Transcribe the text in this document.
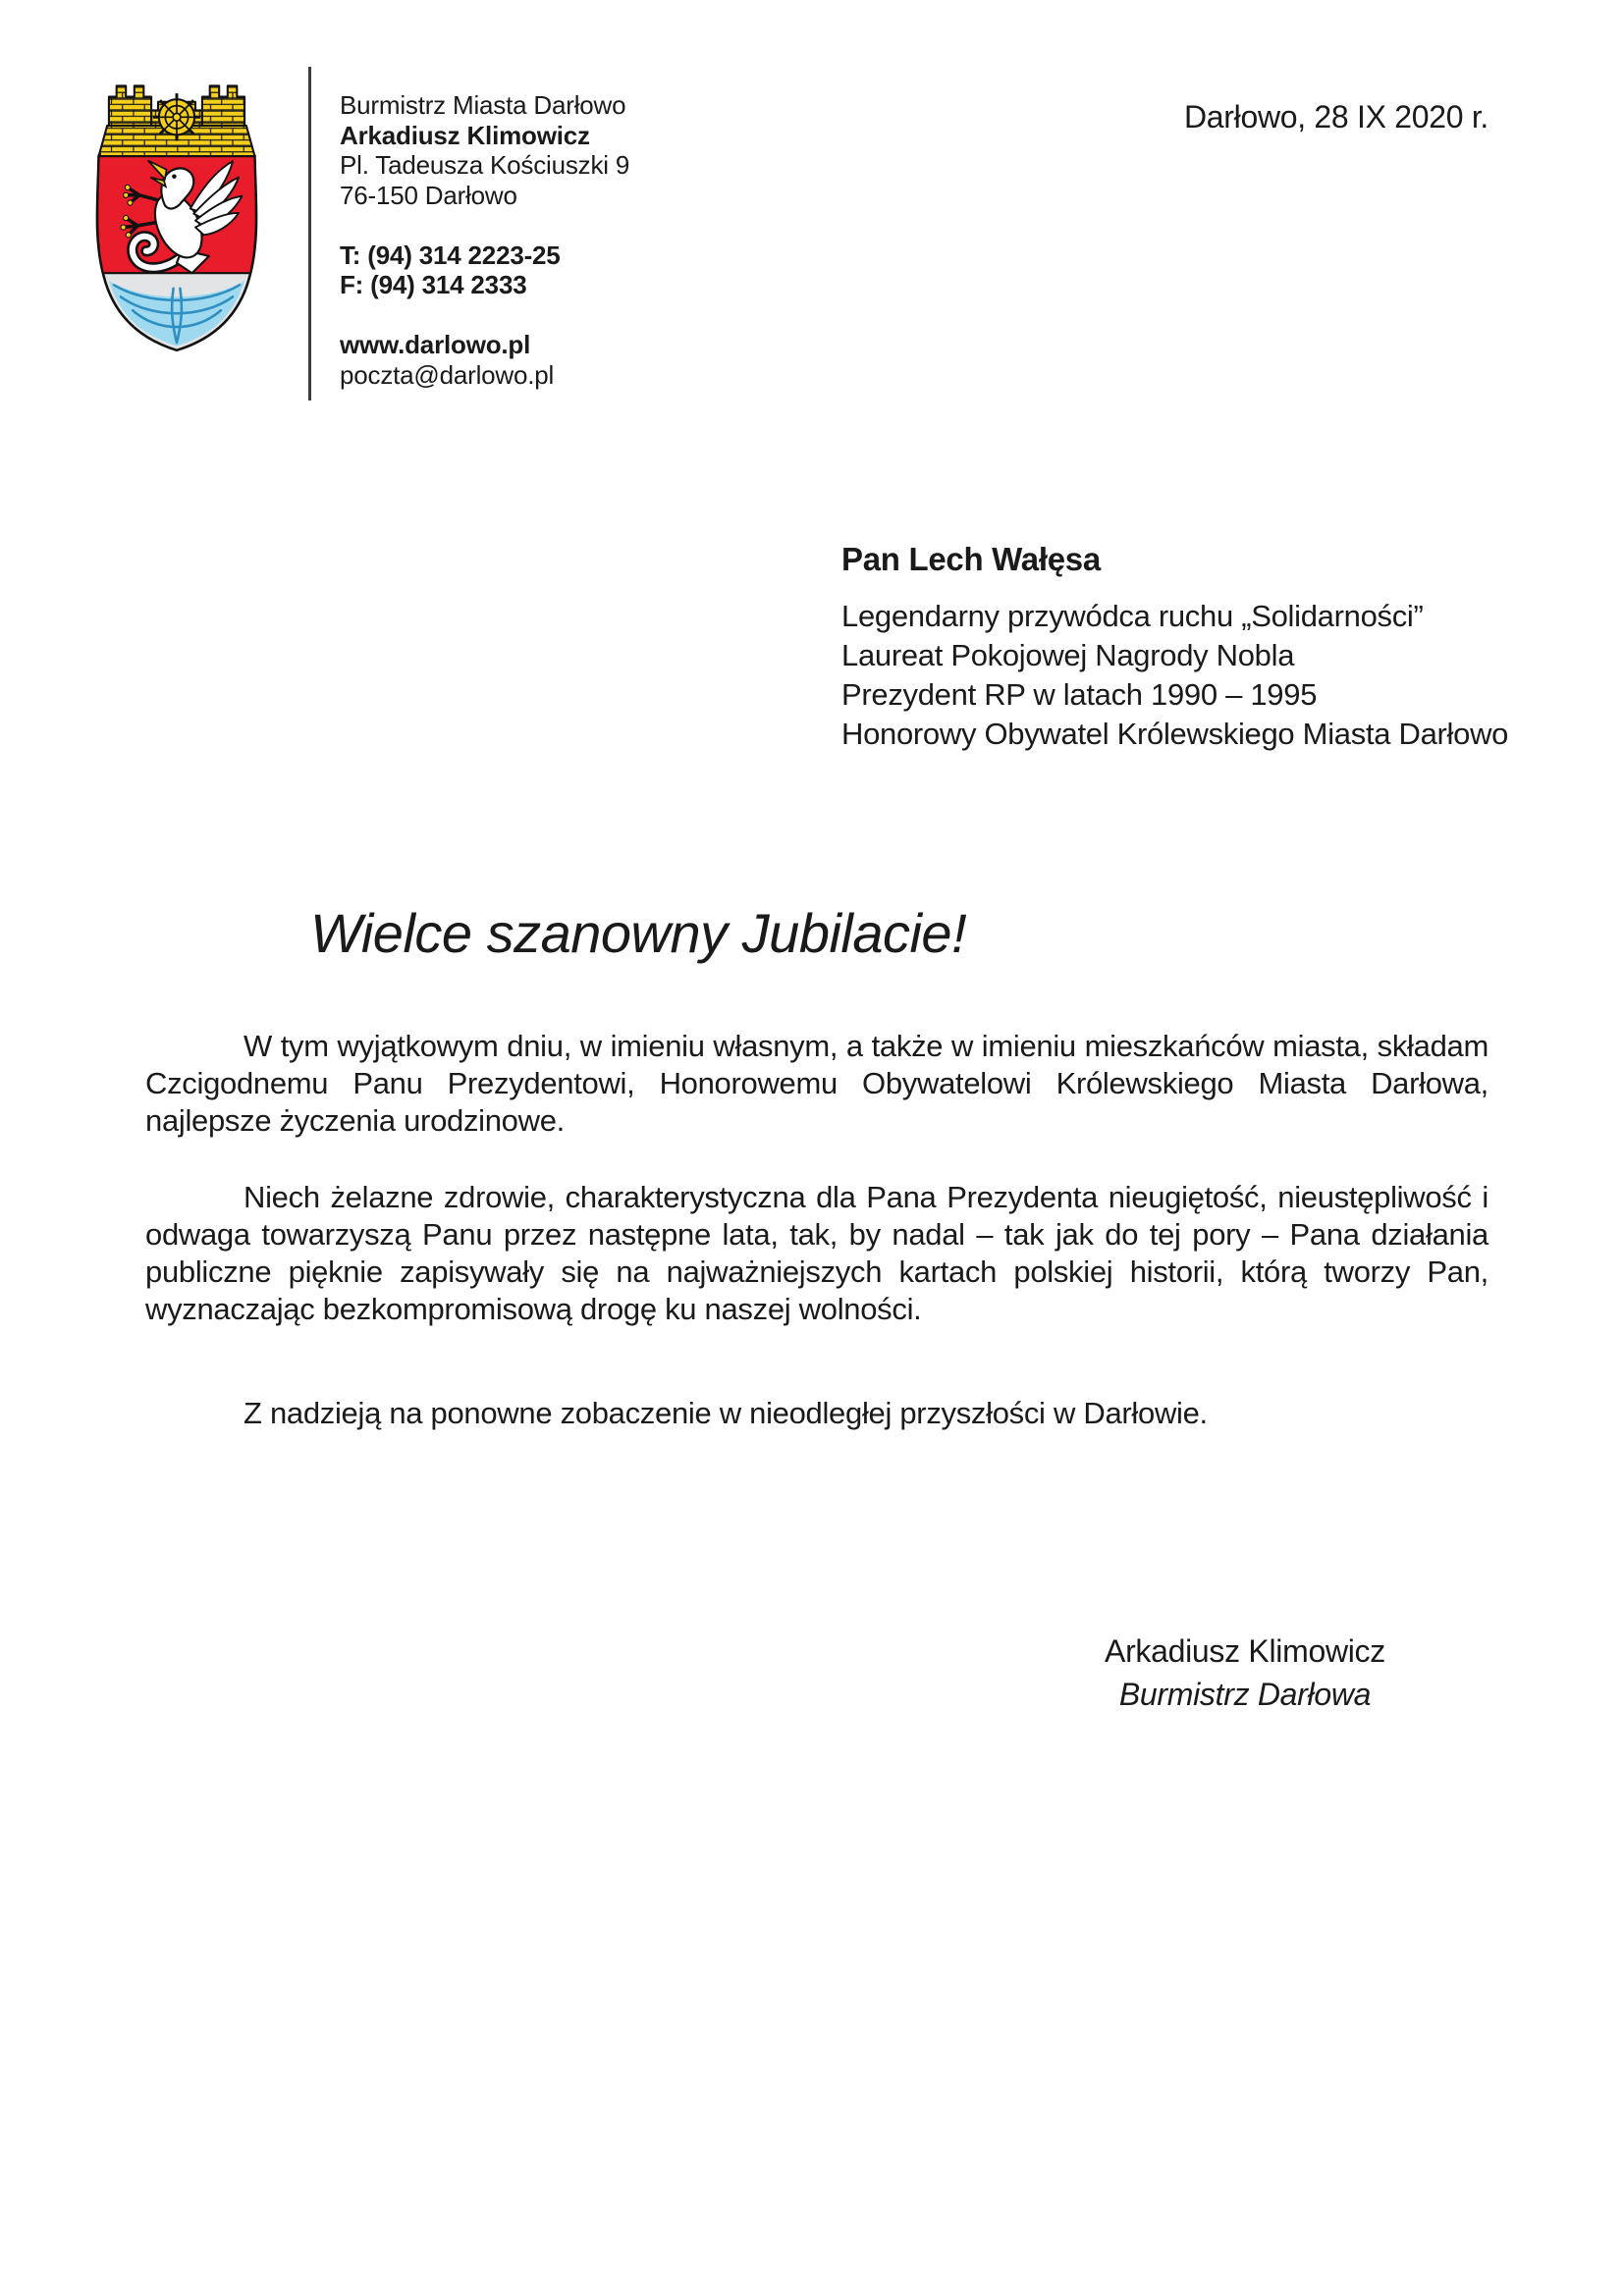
Burmistrz Miasta Darłowo
Arkadiusz Klimowicz
Pl. Tadeusza Kościuszki 9
76-150 Darłowo
T: (94) 314 2223-25
F: (94) 314 2333
www.darlowo.pl
poczta@darlowo.pl
Darłowo, 28 IX 2020 r.

Pan Lech Wałęsa

Legendarny przywódca ruchu „Solidarności”
Laureat Pokojowej Nagrody Nobla
Prezydent RP w latach 1990 – 1995
Honorowy Obywatel Królewskiego Miasta Darłowo
Wielce szanowny Jubilacie!

W tym wyjątkowym dniu, w imieniu własnym, a także w imieniu mieszkańców miasta, składam Czcigodnemu Panu Prezydentowi, Honorowemu Obywatelowi Królewskiego Miasta Darłowa, najlepsze życzenia urodzinowe.

Niech żelazne zdrowie, charakterystyczna dla Pana Prezydenta nieugiętość, nieustępliwość i odwaga towarzyszą Panu przez następne lata, tak, by nadal – tak jak do tej pory – Pana działania publiczne pięknie zapisywały się na najważniejszych kartach polskiej historii, którą tworzy Pan, wyznaczając bezkompromisową drogę ku naszej wolności.

Z nadzieją na ponowne zobaczenie w nieodległej przyszłości w Darłowie.

Arkadiusz Klimowicz
Burmistrz Darłowa
